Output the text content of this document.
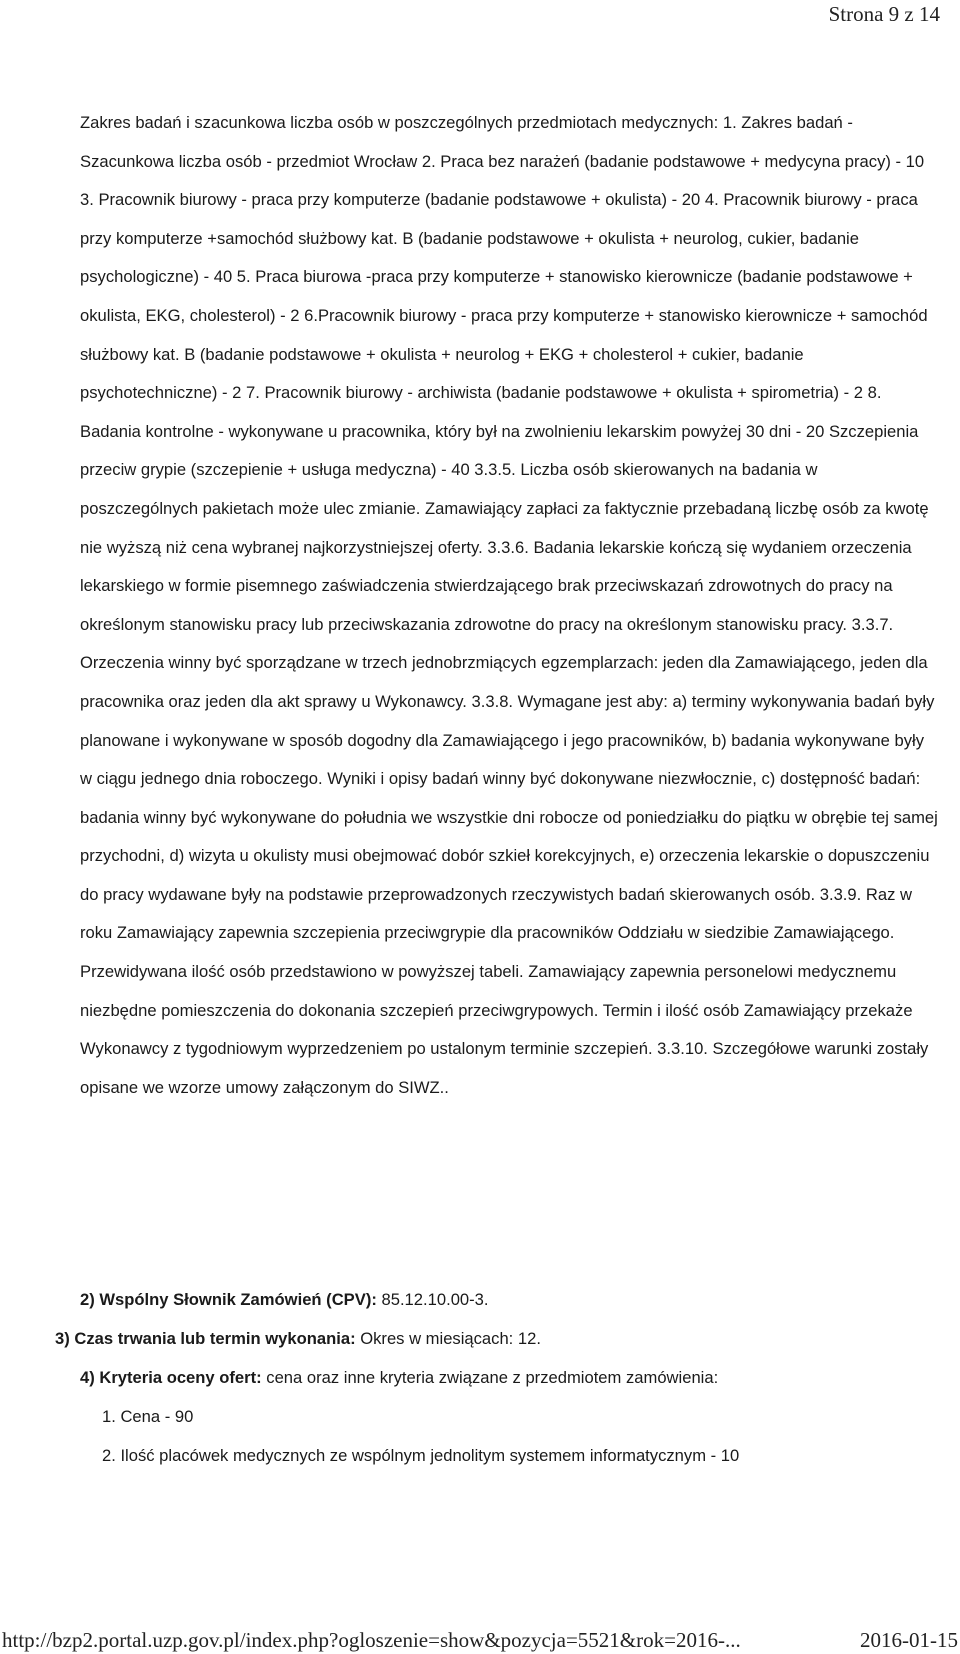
Strona 9 z 14

Zakres badań i szacunkowa liczba osób w poszczególnych przedmiotach medycznych: 1. Zakres badań - Szacunkowa liczba osób - przedmiot Wrocław 2. Praca bez narażeń (badanie podstawowe + medycyna pracy) - 10 3. Pracownik biurowy - praca przy komputerze (badanie podstawowe + okulista) - 20 4. Pracownik biurowy - praca przy komputerze +samochód służbowy kat. B (badanie podstawowe + okulista + neurolog, cukier, badanie psychologiczne) - 40 5. Praca biurowa -praca przy komputerze + stanowisko kierownicze (badanie podstawowe + okulista, EKG, cholesterol) - 2 6.Pracownik biurowy - praca przy komputerze + stanowisko kierownicze + samochód służbowy kat. B (badanie podstawowe + okulista + neurolog + EKG + cholesterol + cukier, badanie psychotechniczne) - 2 7. Pracownik biurowy - archiwista (badanie podstawowe + okulista + spirometria) - 2 8. Badania kontrolne - wykonywane u pracownika, który był na zwolnieniu lekarskim powyżej 30 dni - 20 Szczepienia przeciw grypie (szczepienie + usługa medyczna) - 40 3.3.5. Liczba osób skierowanych na badania w poszczególnych pakietach może ulec zmianie. Zamawiający zapłaci za faktycznie przebadaną liczbę osób za kwotę nie wyższą niż cena wybranej najkorzystniejszej oferty. 3.3.6. Badania lekarskie kończą się wydaniem orzeczenia lekarskiego w formie pisemnego zaświadczenia stwierdzającego brak przeciwskazań zdrowotnych do pracy na określonym stanowisku pracy lub przeciwskazania zdrowotne do pracy na określonym stanowisku pracy. 3.3.7. Orzeczenia winny być sporządzane w trzech jednobrzmiących egzemplarzach: jeden dla Zamawiającego, jeden dla pracownika oraz jeden dla akt sprawy u Wykonawcy. 3.3.8. Wymagane jest aby: a) terminy wykonywania badań były planowane i wykonywane w sposób dogodny dla Zamawiającego i jego pracowników, b) badania wykonywane były w ciągu jednego dnia roboczego. Wyniki i opisy badań winny być dokonywane niezwłocznie, c) dostępność badań: badania winny być wykonywane do południa we wszystkie dni robocze od poniedziałku do piątku w obrębie tej samej przychodni, d) wizyta u okulisty musi obejmować dobór szkieł korekcyjnych, e) orzeczenia lekarskie o dopuszczeniu do pracy wydawane były na podstawie przeprowadzonych rzeczywistych badań skierowanych osób. 3.3.9. Raz w roku Zamawiający zapewnia szczepienia przeciwgrypie dla pracowników Oddziału w siedzibie Zamawiającego. Przewidywana ilość osób przedstawiono w powyższej tabeli. Zamawiający zapewnia personelowi medycznemu niezbędne pomieszczenia do dokonania szczepień przeciwgrypowych. Termin i ilość osób Zamawiający przekaże Wykonawcy z tygodniowym wyprzedzeniem po ustalonym terminie szczepień. 3.3.10. Szczegółowe warunki zostały opisane we wzorze umowy załączonym do SIWZ..

2) Wspólny Słownik Zamówień (CPV): 85.12.10.00-3.
3) Czas trwania lub termin wykonania: Okres w miesiącach: 12.
4) Kryteria oceny ofert: cena oraz inne kryteria związane z przedmiotem zamówienia:
1. Cena - 90
2. Ilość placówek medycznych ze wspólnym jednolitym systemem informatycznym - 10
http://bzp2.portal.uzp.gov.pl/index.php?ogloszenie=show&pozycja=5521&rok=2016-...	2016-01-15
